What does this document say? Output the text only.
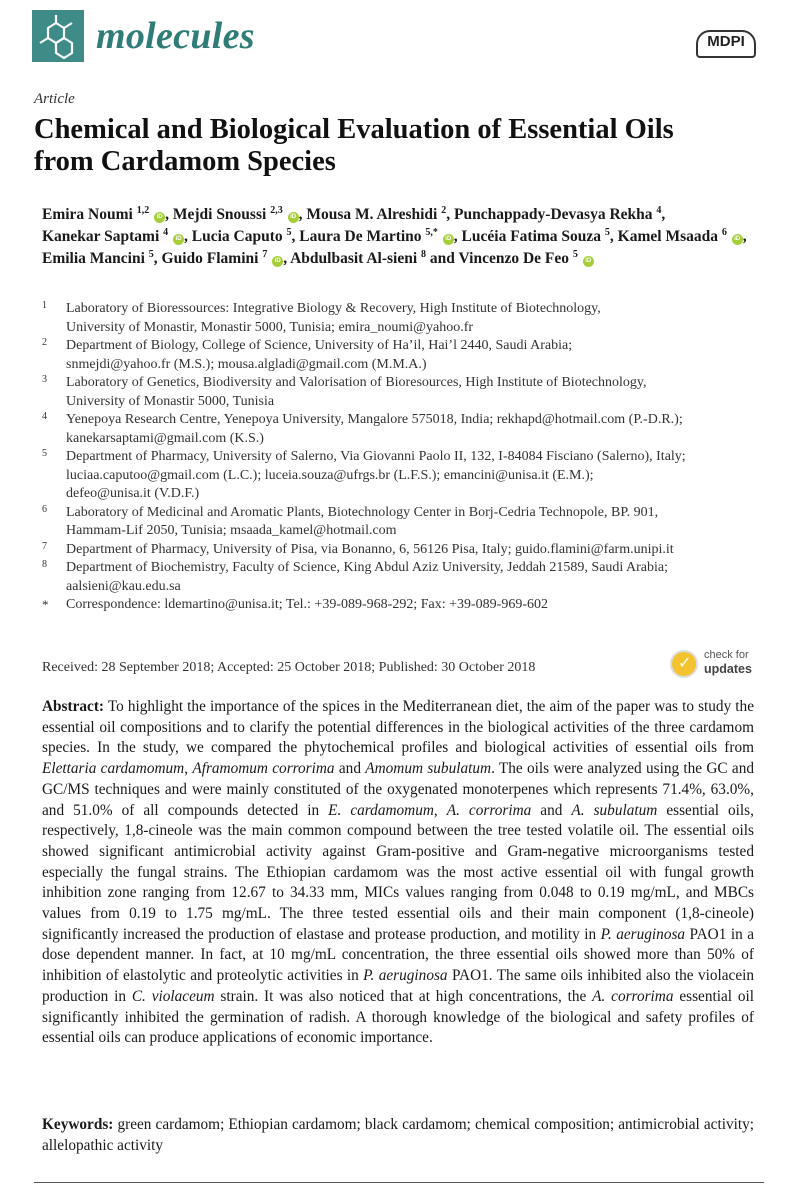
molecules	MDPI
Article
Chemical and Biological Evaluation of Essential Oils
from Cardamom Species
Emira Noumi $^{1,2}$ iD , Mejdi Snoussi $^{2,3}$ iD , Mousa M. Alreshidi $^2$, Punchappady-Devasya Rekha $^4$, Kanekar Saptami $^4$ iD , Lucia Caputo $^5$, Laura De Martino $^{5,*}$ iD , Lucéia Fatima Souza $^5$, Kamel Msaada $^6$ iD , Emilia Mancini $^5$, Guido Flamini $^7$ iD , Abdulbasit Al-sieni $^8$ and Vincenzo De Feo $^5$ iD
1 Laboratory of Bioressources: Integrative Biology & Recovery, High Institute of Biotechnology,
University of Monastir, Monastir 5000, Tunisia; emira_noumi@yahoo.fr
2 Department of Biology, College of Science, University of Ha’il, Hai’l 2440, Saudi Arabia;
snmejdi@yahoo.fr (M.S.); mousa.algladi@gmail.com (M.M.A.)
3 Laboratory of Genetics, Biodiversity and Valorisation of Bioresources, High Institute of Biotechnology,
University of Monastir 5000, Tunisia
4 Yenepoya Research Centre, Yenepoya University, Mangalore 575018, India; rekhapd@hotmail.com (P.-D.R.);
kanekarsaptami@gmail.com (K.S.)
5 Department of Pharmacy, University of Salerno, Via Giovanni Paolo II, 132, I-84084 Fisciano (Salerno), Italy;
luciaa.caputoo@gmail.com (L.C.); luceia.souza@ufrgs.br (L.F.S.); emancini@unisa.it (E.M.);
defeo@unisa.it (V.D.F.)
6 Laboratory of Medicinal and Aromatic Plants, Biotechnology Center in Borj-Cedria Technopole, BP. 901,
Hammam-Lif 2050, Tunisia; msaada_kamel@hotmail.com
7 Department of Pharmacy, University of Pisa, via Bonanno, 6, 56126 Pisa, Italy; guido.flamini@farm.unipi.it
8 Department of Biochemistry, Faculty of Science, King Abdul Aziz University, Jeddah 21589, Saudi Arabia;
aalsieni@kau.edu.sa
* Correspondence: ldemartino@unisa.it; Tel.: +39-089-968-292; Fax: +39-089-969-602
Received: 28 September 2018; Accepted: 25 October 2018; Published: 30 October 2018	✓ check for
updates
Abstract: To highlight the importance of the spices in the Mediterranean diet, the aim of the paper was to study the essential oil compositions and to clarify the potential differences in the biological activities of the three cardamom species. In the study, we compared the phytochemical profiles and biological activities of essential oils from Elettaria cardamomum, Aframomum corrorima and Amomum subulatum. The oils were analyzed using the GC and GC/MS techniques and were mainly constituted of the oxygenated monoterpenes which represents 71.4%, 63.0%, and 51.0% of all compounds detected in E. cardamomum, A. corrorima and A. subulatum essential oils, respectively, 1,8-cineole was the main common compound between the tree tested volatile oil. The essential oils showed significant antimicrobial activity against Gram-positive and Gram-negative microorganisms tested especially the fungal strains. The Ethiopian cardamom was the most active essential oil with fungal growth inhibition zone ranging from 12.67 to 34.33 mm, MICs values ranging from 0.048 to 0.19 mg/mL, and MBCs values from 0.19 to 1.75 mg/mL. The three tested essential oils and their main component (1,8-cineole) significantly increased the production of elastase and protease production, and motility in P. aeruginosa PAO1 in a dose dependent manner. In fact, at 10 mg/mL concentration, the three essential oils showed more than 50% of inhibition of elastolytic and proteolytic activities in P. aeruginosa PAO1. The same oils inhibited also the violacein production in C. violaceum strain. It was also noticed that at high concentrations, the A. corrorima essential oil significantly inhibited the germination of radish. A thorough knowledge of the biological and safety profiles of essential oils can produce applications of economic importance.
Keywords: green cardamom; Ethiopian cardamom; black cardamom; chemical composition; antimicrobial activity; allelopathic activity
